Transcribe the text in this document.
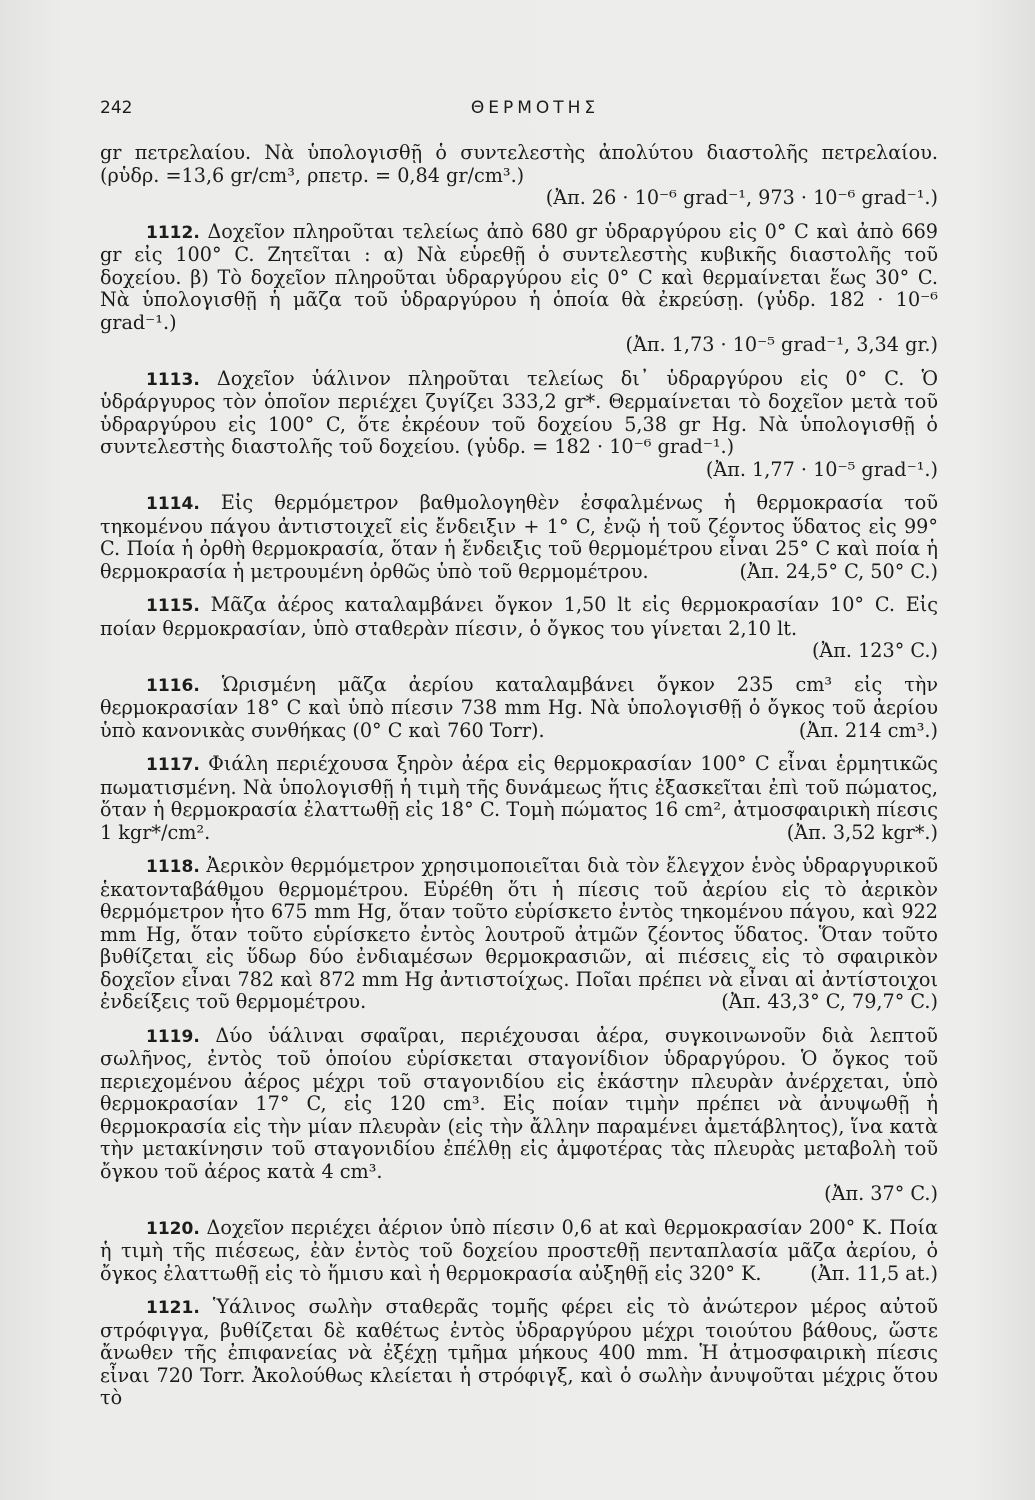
242	ΘΕΡΜΟΤΗΣ
gr πετρελαίου. Νὰ ὑπολογισθῇ ὁ συντελεστὴς ἀπολύτου διαστολῆς πετρελαίου. (ρὑδρ. =13,6 gr/cm³, ρπετρ. = 0,84 gr/cm³.)

(Ἀπ. 26 · 10⁻⁶ grad⁻¹, 973 · 10⁻⁶ grad⁻¹.)

1112. Δοχεῖον πληροῦται τελείως ἀπὸ 680 gr ὑδραργύρου εἰς 0° C καὶ ἀπὸ 669 gr εἰς 100° C. Ζητεῖται : α) Νὰ εὑρεθῇ ὁ συντελεστὴς κυβικῆς διαστολῆς τοῦ δοχείου. β) Τὸ δοχεῖον πληροῦται ὑδραργύρου εἰς 0° C καὶ θερμαίνεται ἕως 30° C. Νὰ ὑπολογισθῇ ἡ μᾶζα τοῦ ὑδραργύρου ἡ ὁποία θὰ ἐκρεύσῃ. (γὑδρ. 182 · 10⁻⁶ grad⁻¹.)

(Ἀπ. 1,73 · 10⁻⁵ grad⁻¹, 3,34 gr.)

1113. Δοχεῖον ὑάλινον πληροῦται τελείως δι᾽ ὑδραργύρου εἰς 0° C. Ὁ ὑδράργυρος τὸν ὁποῖον περιέχει ζυγίζει 333,2 gr*. Θερμαίνεται τὸ δοχεῖον μετὰ τοῦ ὑδραργύρου εἰς 100° C, ὅτε ἐκρέουν τοῦ δοχείου 5,38 gr Hg. Νὰ ὑπολογισθῇ ὁ συντελεστὴς διαστολῆς τοῦ δοχείου. (γὑδρ. = 182 · 10⁻⁶ grad⁻¹.)

(Ἀπ. 1,77 · 10⁻⁵ grad⁻¹.)

1114. Εἰς θερμόμετρον βαθμολογηθὲν ἐσφαλμένως ἡ θερμοκρασία τοῦ τηκομένου πάγου ἀντιστοιχεῖ εἰς ἔνδειξιν + 1° C, ἐνῷ ἡ τοῦ ζέοντος ὕδατος εἰς 99° C. Ποία ἡ ὀρθὴ θερμοκρασία, ὅταν ἡ ἔνδειξις τοῦ θερμομέτρου εἶναι 25° C καὶ ποία ἡ θερμοκρασία ἡ μετρουμένη ὀρθῶς ὑπὸ τοῦ θερμομέτρου.	(Ἀπ. 24,5° C, 50° C.)
1115. Μᾶζα ἀέρος καταλαμβάνει ὄγκον 1,50 lt εἰς θερμοκρασίαν 10° C. Εἰς ποίαν θερμοκρασίαν, ὑπὸ σταθερὰν πίεσιν, ὁ ὄγκος του γίνεται 2,10 lt.
(Ἀπ. 123° C.)
1116. Ὡρισμένη μᾶζα ἀερίου καταλαμβάνει ὄγκον 235 cm³ εἰς τὴν θερμοκρασίαν 18° C καὶ ὑπὸ πίεσιν 738 mm Hg. Νὰ ὑπολογισθῇ ὁ ὄγκος τοῦ ἀερίου ὑπὸ κανονικὰς συνθήκας (0° C καὶ 760 Torr).	(Ἀπ. 214 cm³.)
1117. Φιάλη περιέχουσα ξηρὸν ἀέρα εἰς θερμοκρασίαν 100° C εἶναι ἑρμητικῶς πωματισμένη. Νὰ ὑπολογισθῇ ἡ τιμὴ τῆς δυνάμεως ἥτις ἐξασκεῖται ἐπὶ τοῦ πώματος, ὅταν ἡ θερμοκρασία ἐλαττωθῇ εἰς 18° C. Τομὴ πώματος 16 cm², ἀτμοσφαιρικὴ πίεσις 1 kgr*/cm².	(Ἀπ. 3,52 kgr*.)
1118. Ἀερικὸν θερμόμετρον χρησιμοποιεῖται διὰ τὸν ἔλεγχον ἑνὸς ὑδραργυρικοῦ ἑκατονταβάθμου θερμομέτρου. Εὑρέθη ὅτι ἡ πίεσις τοῦ ἀερίου εἰς τὸ ἀερικὸν θερμόμετρον ἦτο 675 mm Hg, ὅταν τοῦτο εὑρίσκετο ἐντὸς τηκομένου πάγου, καὶ 922 mm Hg, ὅταν τοῦτο εὑρίσκετο ἐντὸς λουτροῦ ἀτμῶν ζέοντος ὕδατος. Ὅταν τοῦτο βυθίζεται εἰς ὕδωρ δύο ἐνδιαμέσων θερμοκρασιῶν, αἱ πιέσεις εἰς τὸ σφαιρικὸν δοχεῖον εἶναι 782 καὶ 872 mm Hg ἀντιστοίχως. Ποῖαι πρέπει νὰ εἶναι αἱ ἀντίστοιχοι ἐνδείξεις τοῦ θερμομέτρου.	(Ἀπ. 43,3° C, 79,7° C.)
1119. Δύο ὑάλιναι σφαῖραι, περιέχουσαι ἀέρα, συγκοινωνοῦν διὰ λεπτοῦ σωλῆνος, ἐντὸς τοῦ ὁποίου εὑρίσκεται σταγονίδιον ὑδραργύρου. Ὁ ὄγκος τοῦ περιεχομένου ἀέρος μέχρι τοῦ σταγονιδίου εἰς ἑκάστην πλευρὰν ἀνέρχεται, ὑπὸ θερμοκρασίαν 17° C, εἰς 120 cm³. Εἰς ποίαν τιμὴν πρέπει νὰ ἀνυψωθῇ ἡ θερμοκρασία εἰς τὴν μίαν πλευρὰν (εἰς τὴν ἄλλην παραμένει ἀμετάβλητος), ἵνα κατὰ τὴν μετακίνησιν τοῦ σταγονιδίου ἐπέλθῃ εἰς ἀμφοτέρας τὰς πλευρὰς μεταβολὴ τοῦ ὄγκου τοῦ ἀέρος κατὰ 4 cm³.

(Ἀπ. 37° C.)

1120. Δοχεῖον περιέχει ἀέριον ὑπὸ πίεσιν 0,6 at καὶ θερμοκρασίαν 200° K. Ποία ἡ τιμὴ τῆς πιέσεως, ἐὰν ἐντὸς τοῦ δοχείου προστεθῇ πενταπλασία μᾶζα ἀερίου, ὁ ὄγκος ἐλαττωθῇ εἰς τὸ ἥμισυ καὶ ἡ θερμοκρασία αὐξηθῇ εἰς 320° K.	(Ἀπ. 11,5 at.)
1121. Ὑάλινος σωλὴν σταθερᾶς τομῆς φέρει εἰς τὸ ἀνώτερον μέρος αὐτοῦ στρόφιγγα, βυθίζεται δὲ καθέτως ἐντὸς ὑδραργύρου μέχρι τοιούτου βάθους, ὥστε ἄνωθεν τῆς ἐπιφανείας νὰ ἐξέχῃ τμῆμα μήκους 400 mm. Ἡ ἀτμοσφαιρικὴ πίεσις εἶναι 720 Torr. Ἀκολούθως κλείεται ἡ στρόφιγξ, καὶ ὁ σωλὴν ἀνυψοῦται μέχρις ὅτου τὸ
